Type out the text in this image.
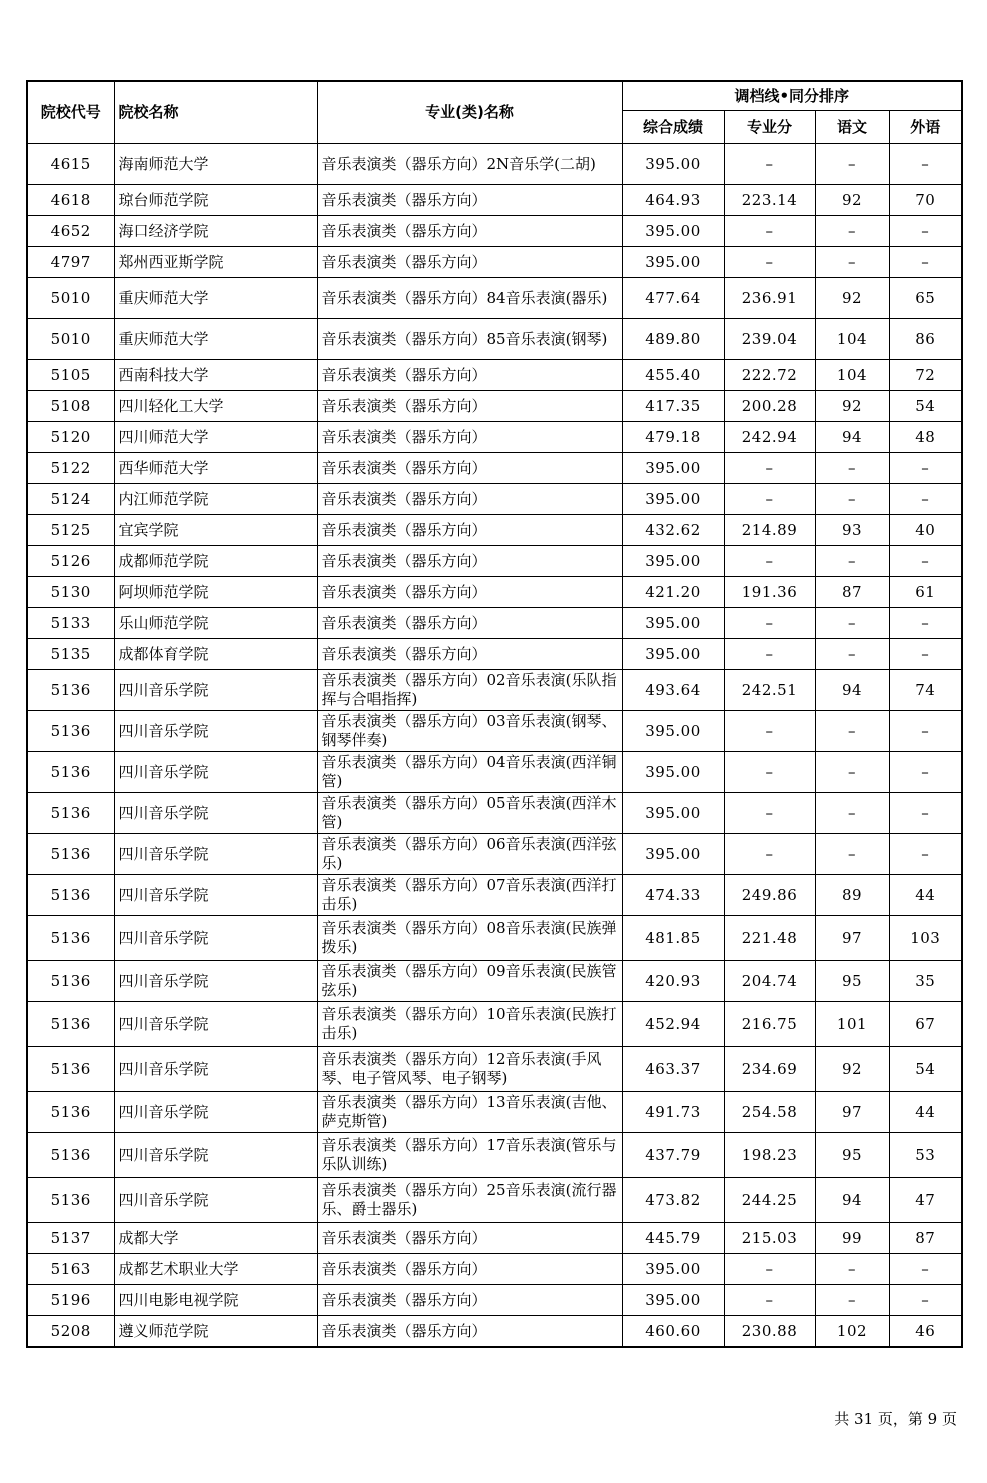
院校代号	院校名称	专业(类)名称	调档线•同分排序			
			综合成绩	专业分	语文	外语
4615	海南师范大学	音乐表演类（器乐方向）2N音乐学(二胡)	395.00	–	–	–
4618	琼台师范学院	音乐表演类（器乐方向）	464.93	223.14	92	70
4652	海口经济学院	音乐表演类（器乐方向）	395.00	–	–	–
4797	郑州西亚斯学院	音乐表演类（器乐方向）	395.00	–	–	–
5010	重庆师范大学	音乐表演类（器乐方向）84音乐表演(器乐)	477.64	236.91	92	65
5010	重庆师范大学	音乐表演类（器乐方向）85音乐表演(钢琴)	489.80	239.04	104	86
5105	西南科技大学	音乐表演类（器乐方向）	455.40	222.72	104	72
5108	四川轻化工大学	音乐表演类（器乐方向）	417.35	200.28	92	54
5120	四川师范大学	音乐表演类（器乐方向）	479.18	242.94	94	48
5122	西华师范大学	音乐表演类（器乐方向）	395.00	–	–	–
5124	内江师范学院	音乐表演类（器乐方向）	395.00	–	–	–
5125	宜宾学院	音乐表演类（器乐方向）	432.62	214.89	93	40
5126	成都师范学院	音乐表演类（器乐方向）	395.00	–	–	–
5130	阿坝师范学院	音乐表演类（器乐方向）	421.20	191.36	87	61
5133	乐山师范学院	音乐表演类（器乐方向）	395.00	–	–	–
5135	成都体育学院	音乐表演类（器乐方向）	395.00	–	–	–
5136	四川音乐学院	音乐表演类（器乐方向）02音乐表演(乐队指挥与合唱指挥)	493.64	242.51	94	74
5136	四川音乐学院	音乐表演类（器乐方向）03音乐表演(钢琴、钢琴伴奏)	395.00	–	–	–
5136	四川音乐学院	音乐表演类（器乐方向）04音乐表演(西洋铜管)	395.00	–	–	–
5136	四川音乐学院	音乐表演类（器乐方向）05音乐表演(西洋木管)	395.00	–	–	–
5136	四川音乐学院	音乐表演类（器乐方向）06音乐表演(西洋弦乐)	395.00	–	–	–
5136	四川音乐学院	音乐表演类（器乐方向）07音乐表演(西洋打击乐)	474.33	249.86	89	44
5136	四川音乐学院	音乐表演类（器乐方向）08音乐表演(民族弹拨乐)	481.85	221.48	97	103
5136	四川音乐学院	音乐表演类（器乐方向）09音乐表演(民族管弦乐)	420.93	204.74	95	35
5136	四川音乐学院	音乐表演类（器乐方向）10音乐表演(民族打击乐)	452.94	216.75	101	67
5136	四川音乐学院	音乐表演类（器乐方向）12音乐表演(手风琴、电子管风琴、电子钢琴)	463.37	234.69	92	54
5136	四川音乐学院	音乐表演类（器乐方向）13音乐表演(吉他、萨克斯管)	491.73	254.58	97	44
5136	四川音乐学院	音乐表演类（器乐方向）17音乐表演(管乐与乐队训练)	437.79	198.23	95	53
5136	四川音乐学院	音乐表演类（器乐方向）25音乐表演(流行器乐、爵士器乐)	473.82	244.25	94	47
5137	成都大学	音乐表演类（器乐方向）	445.79	215.03	99	87
5163	成都艺术职业大学	音乐表演类（器乐方向）	395.00	–	–	–
5196	四川电影电视学院	音乐表演类（器乐方向）	395.00	–	–	–
5208	遵义师范学院	音乐表演类（器乐方向）	460.60	230.88	102	46
共 31 页，第 9 页
